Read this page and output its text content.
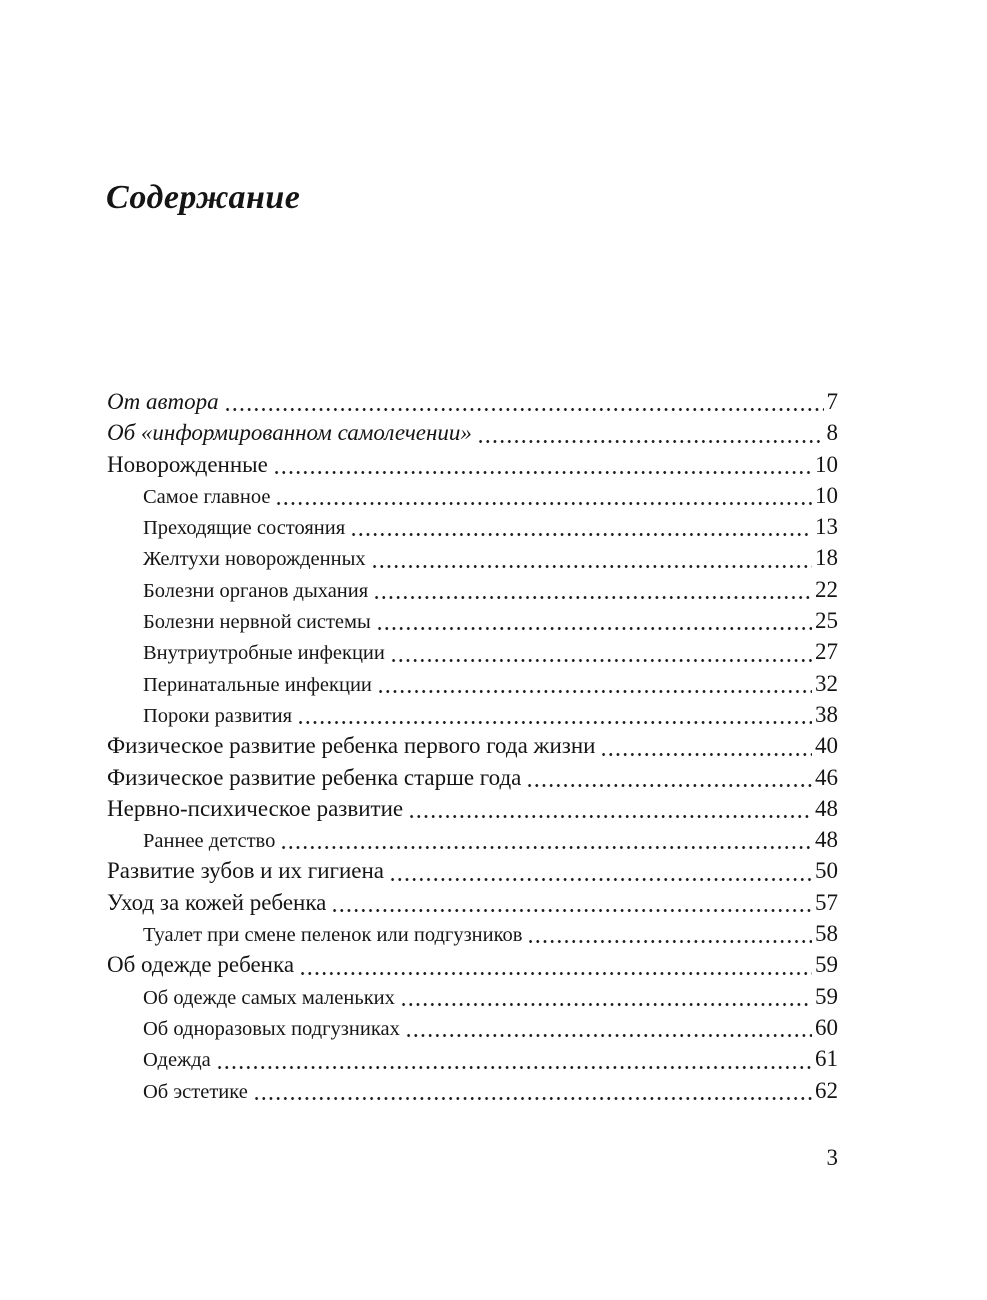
Содержание
От автора	7
Об «информированном самолечении»	8
Новорожденные	10
Самое главное	10
Преходящие состояния	13
Желтухи новорожденных	18
Болезни органов дыхания	22
Болезни нервной системы	25
Внутриутробные инфекции	27
Перинатальные инфекции	32
Пороки развития	38
Физическое развитие ребенка первого года жизни	40
Физическое развитие ребенка старше года	46
Нервно-психическое развитие	48
Раннее детство	48
Развитие зубов и их гигиена	50
Уход за кожей ребенка	57
Туалет при смене пеленок или подгузников	58
Об одежде ребенка	59
Об одежде самых маленьких	59
Об одноразовых подгузниках	60
Одежда	61
Об эстетике	62
3
